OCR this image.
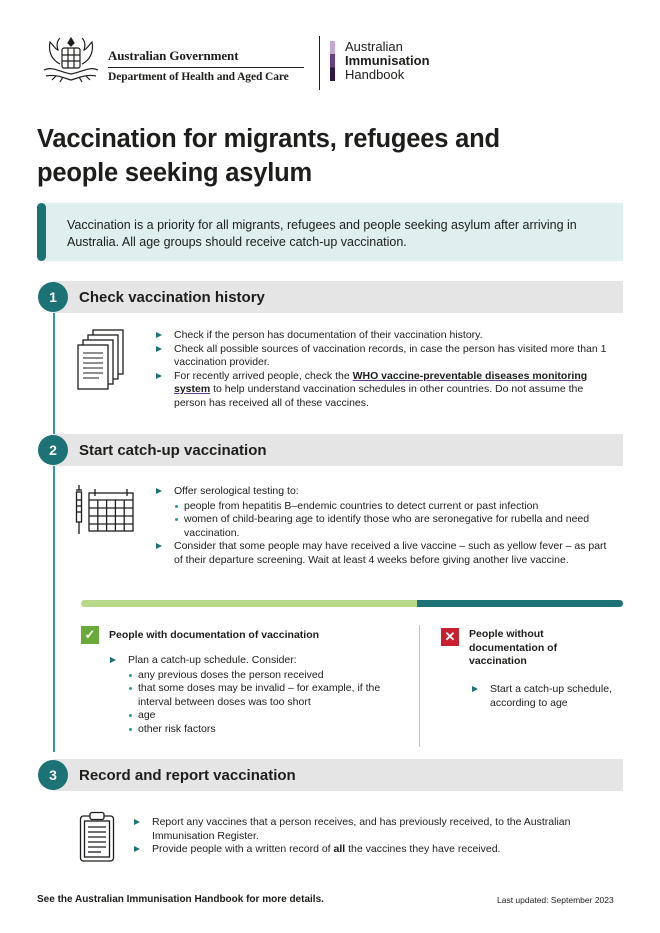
Australian Government
Department of Health and Aged Care
Australian
Immunisation
Handbook
Vaccination for migrants, refugees and
people seeking asylum

Vaccination is a priority for all migrants, refugees and people seeking asylum after arriving in Australia. All age groups should receive catch-up vaccination.

1	Check vaccination history
Check if the person has documentation of their vaccination history.
Check all possible sources of vaccination records, in case the person has visited more than 1 vaccination provider.
For recently arrived people, check the WHO vaccine-preventable diseases monitoring system to help understand vaccination schedules in other countries. Do not assume the person has received all of these vaccines.
2	Start catch-up vaccination
Offer serological testing to:
people from hepatitis B–endemic countries to detect current or past infection
women of child-bearing age to identify those who are seronegative for rubella and need vaccination.
Consider that some people may have received a live vaccine – such as yellow fever – as part of their departure screening. Wait at least 4 weeks before giving another live vaccine.
✓	People with documentation of vaccination
Plan a catch-up schedule. Consider:
any previous doses the person received
that some doses may be invalid – for example, if the interval between doses was too short
age
other risk factors
✕	People without
documentation of
vaccination
Start a catch-up schedule, according to age
3	Record and report vaccination
Report any vaccines that a person receives, and has previously received, to the Australian Immunisation Register.
Provide people with a written record of all the vaccines they have received.
See the Australian Immunisation Handbook for more details.	Last updated: September 2023
